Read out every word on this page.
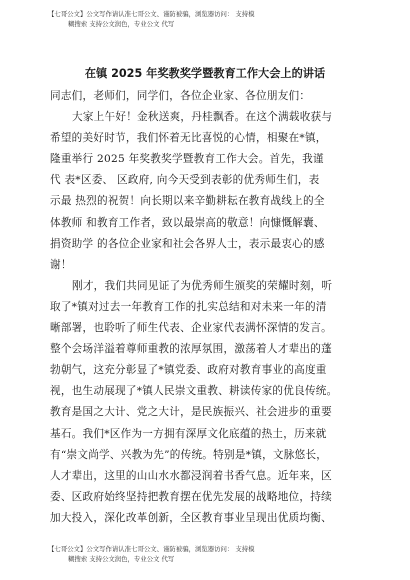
【七哥公文】公文写作请认准七哥公文、谨防被骗，浏览器访问： 支持模
糊搜索 支持公文润色，专业公文 代写
在镇 2025 年奖教奖学暨教育工作大会上的讲话
同志们，老师们，同学们，各位企业家、各位朋友们：
大家上午好！金秋送爽，丹桂飘香。在这个满载收获与
希望的美好时节，我们怀着无比喜悦的心情，相聚在*镇，
隆重举行 2025 年奖教奖学暨教育工作大会。首先，我谨
代 表*区委、 区政府, 向今天受到表彰的优秀师生们，表
示最 热烈的祝贺！向长期以来辛勤耕耘在教育战线上的全
体教师 和教育工作者，致以最崇高的敬意！向慷慨解囊、
捐资助学 的各位企业家和社会各界人士，表示最衷心的感
谢！
刚才，我们共同见证了为优秀师生颁奖的荣耀时刻，听
取了*镇对过去一年教育工作的扎实总结和对未来一年的清
晰部署，也聆听了师生代表、企业家代表满怀深情的发言。
整个会场洋溢着尊师重教的浓厚氛围，激荡着人才辈出的蓬
勃朝气，这充分彰显了*镇党委、政府对教育事业的高度重
视，也生动展现了*镇人民崇文重教、耕读传家的优良传统。
教育是国之大计、党之大计，是民族振兴、社会进步的重要
基石。我们*区作为一方拥有深厚文化底蕴的热土，历来就
有“崇文尚学、兴教为先”的传统。特别是*镇，文脉悠长，
人才辈出，这里的山山水水都浸润着书香气息。近年来，区
委、区政府始终坚持把教育摆在优先发展的战略地位，持续
加大投入，深化改革创新，全区教育事业呈现出优质均衡、
【七哥公文】公文写作请认准七哥公文、谨防被骗，浏览器访问： 支持模
糊搜索 支持公文润色，专业公文 代写
